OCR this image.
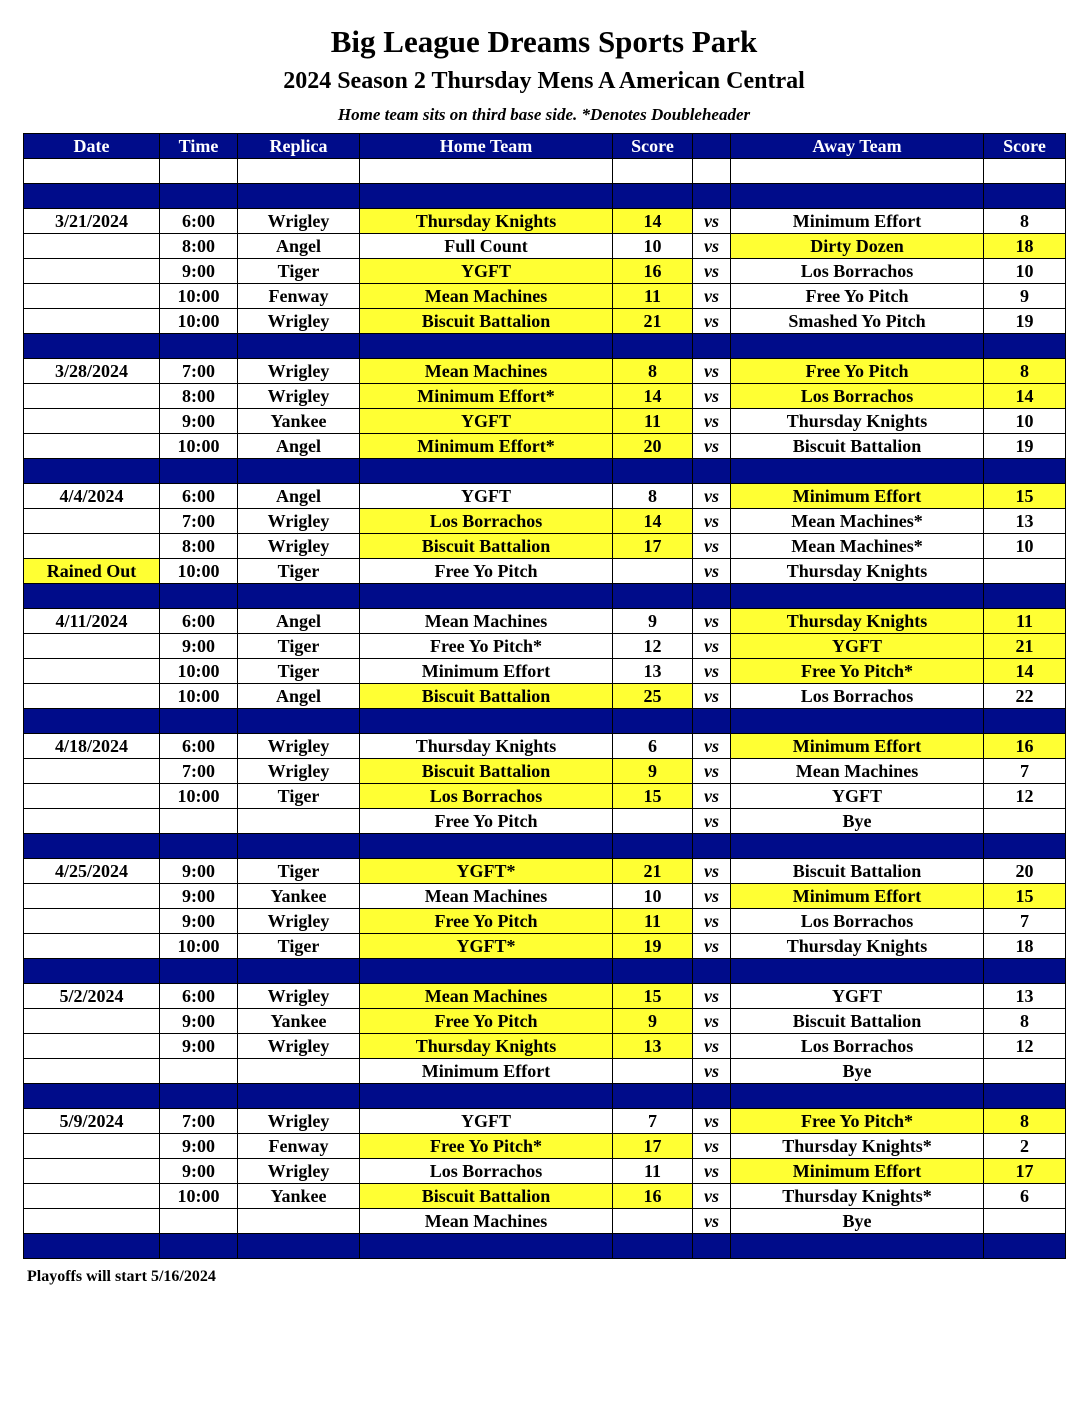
Big League Dreams Sports Park
2024 Season 2 Thursday Mens A American Central
Home team sits on third base side. *Denotes Doubleheader
Date	Time	Replica	Home Team	Score		Away Team	Score

3/21/2024	6:00	Wrigley	Thursday Knights	14	vs	Minimum Effort	8
	8:00	Angel	Full Count	10	vs	Dirty Dozen	18
	9:00	Tiger	YGFT	16	vs	Los Borrachos	10
	10:00	Fenway	Mean Machines	11	vs	Free Yo Pitch	9
	10:00	Wrigley	Biscuit Battalion	21	vs	Smashed Yo Pitch	19

3/28/2024	7:00	Wrigley	Mean Machines	8	vs	Free Yo Pitch	8
	8:00	Wrigley	Minimum Effort*	14	vs	Los Borrachos	14
	9:00	Yankee	YGFT	11	vs	Thursday Knights	10
	10:00	Angel	Minimum Effort*	20	vs	Biscuit Battalion	19

4/4/2024	6:00	Angel	YGFT	8	vs	Minimum Effort	15
	7:00	Wrigley	Los Borrachos	14	vs	Mean Machines*	13
	8:00	Wrigley	Biscuit Battalion	17	vs	Mean Machines*	10
Rained Out	10:00	Tiger	Free Yo Pitch		vs	Thursday Knights	

4/11/2024	6:00	Angel	Mean Machines	9	vs	Thursday Knights	11
	9:00	Tiger	Free Yo Pitch*	12	vs	YGFT	21
	10:00	Tiger	Minimum Effort	13	vs	Free Yo Pitch*	14
	10:00	Angel	Biscuit Battalion	25	vs	Los Borrachos	22

4/18/2024	6:00	Wrigley	Thursday Knights	6	vs	Minimum Effort	16
	7:00	Wrigley	Biscuit Battalion	9	vs	Mean Machines	7
	10:00	Tiger	Los Borrachos	15	vs	YGFT	12
			Free Yo Pitch		vs	Bye	

4/25/2024	9:00	Tiger	YGFT*	21	vs	Biscuit Battalion	20
	9:00	Yankee	Mean Machines	10	vs	Minimum Effort	15
	9:00	Wrigley	Free Yo Pitch	11	vs	Los Borrachos	7
	10:00	Tiger	YGFT*	19	vs	Thursday Knights	18

5/2/2024	6:00	Wrigley	Mean Machines	15	vs	YGFT	13
	9:00	Yankee	Free Yo Pitch	9	vs	Biscuit Battalion	8
	9:00	Wrigley	Thursday Knights	13	vs	Los Borrachos	12
			Minimum Effort		vs	Bye	

5/9/2024	7:00	Wrigley	YGFT	7	vs	Free Yo Pitch*	8
	9:00	Fenway	Free Yo Pitch*	17	vs	Thursday Knights*	2
	9:00	Wrigley	Los Borrachos	11	vs	Minimum Effort	17
	10:00	Yankee	Biscuit Battalion	16	vs	Thursday Knights*	6
			Mean Machines		vs	Bye	

Playoffs will start 5/16/2024
